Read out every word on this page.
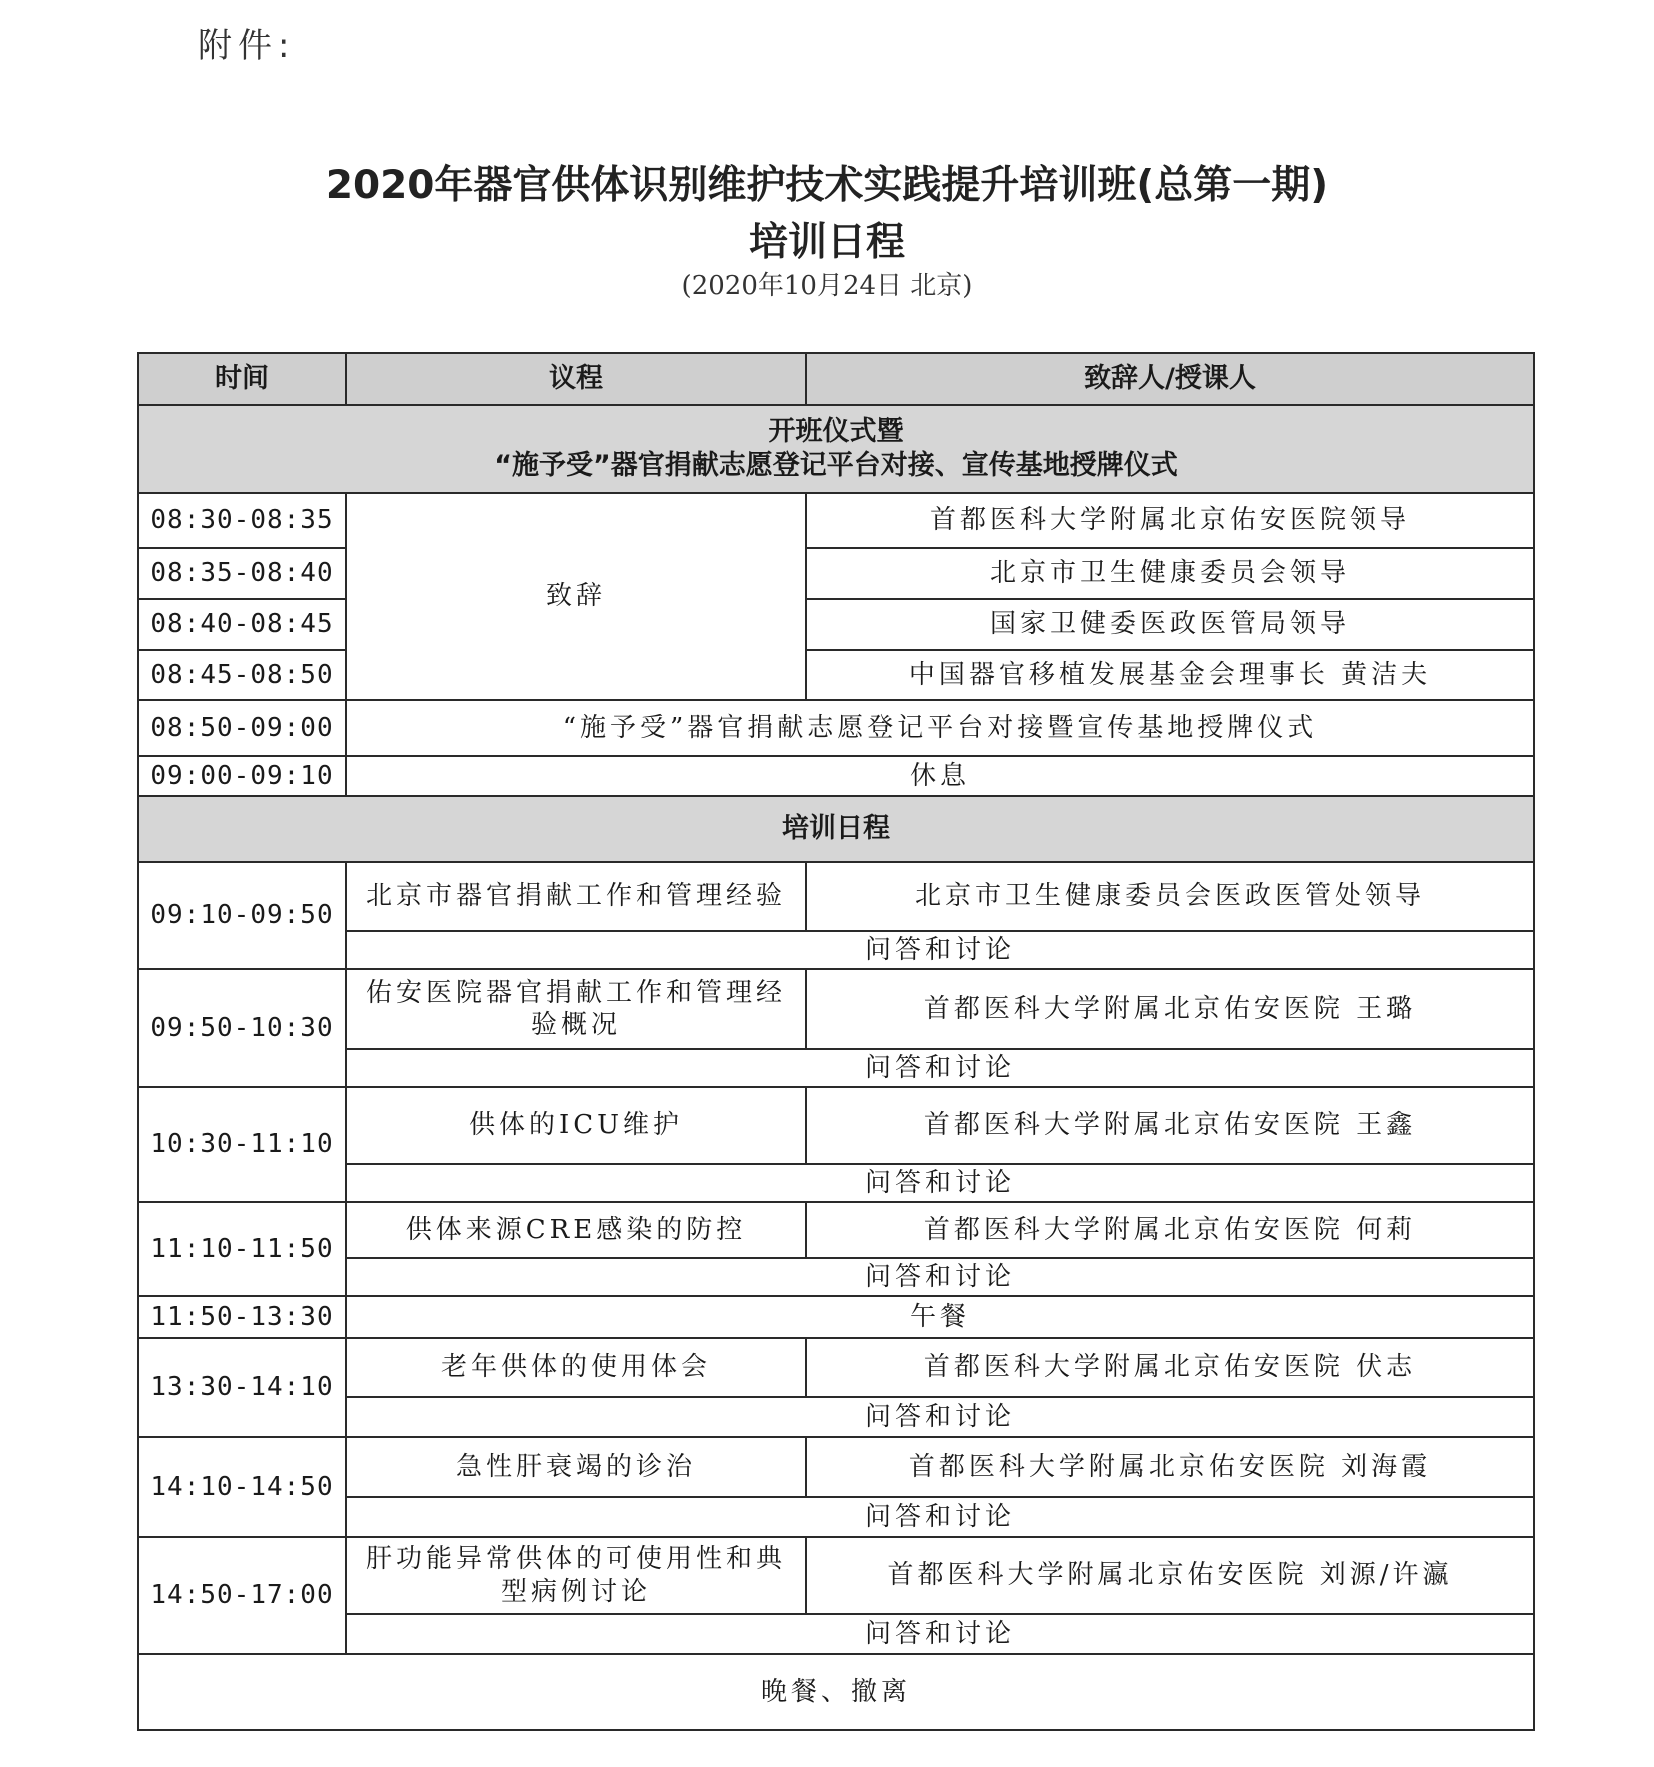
附件:
2020年器官供体识别维护技术实践提升培训班(总第一期)
培训日程
(2020年10月24日 北京)
时间	议程	致辞人/授课人

开班仪式暨
“施予受”器官捐献志愿登记平台对接、宣传基地授牌仪式		

08:30-08:35	致辞	首都医科大学附属北京佑安医院领导
08:35-08:40		北京市卫生健康委员会领导
08:40-08:45		国家卫健委医政医管局领导
08:45-08:50		中国器官移植发展基金会理事长 黄洁夫
08:50-09:00	“施予受”器官捐献志愿登记平台对接暨宣传基地授牌仪式	
09:00-09:10	休息	
培训日程		
09:10-09:50	北京市器官捐献工作和管理经验	北京市卫生健康委员会医政医管处领导
	问答和讨论	
09:50-10:30	佑安医院器官捐献工作和管理经验概况	首都医科大学附属北京佑安医院 王璐
	问答和讨论	
10:30-11:10	供体的ICU维护	首都医科大学附属北京佑安医院 王鑫
	问答和讨论	
11:10-11:50	供体来源CRE感染的防控	首都医科大学附属北京佑安医院 何莉
	问答和讨论	
11:50-13:30	午餐	
13:30-14:10	老年供体的使用体会	首都医科大学附属北京佑安医院 伏志
	问答和讨论	
14:10-14:50	急性肝衰竭的诊治	首都医科大学附属北京佑安医院 刘海霞
	问答和讨论	
14:50-17:00	肝功能异常供体的可使用性和典型病例讨论	首都医科大学附属北京佑安医院 刘源/许瀛
	问答和讨论	
晚餐、撤离		
